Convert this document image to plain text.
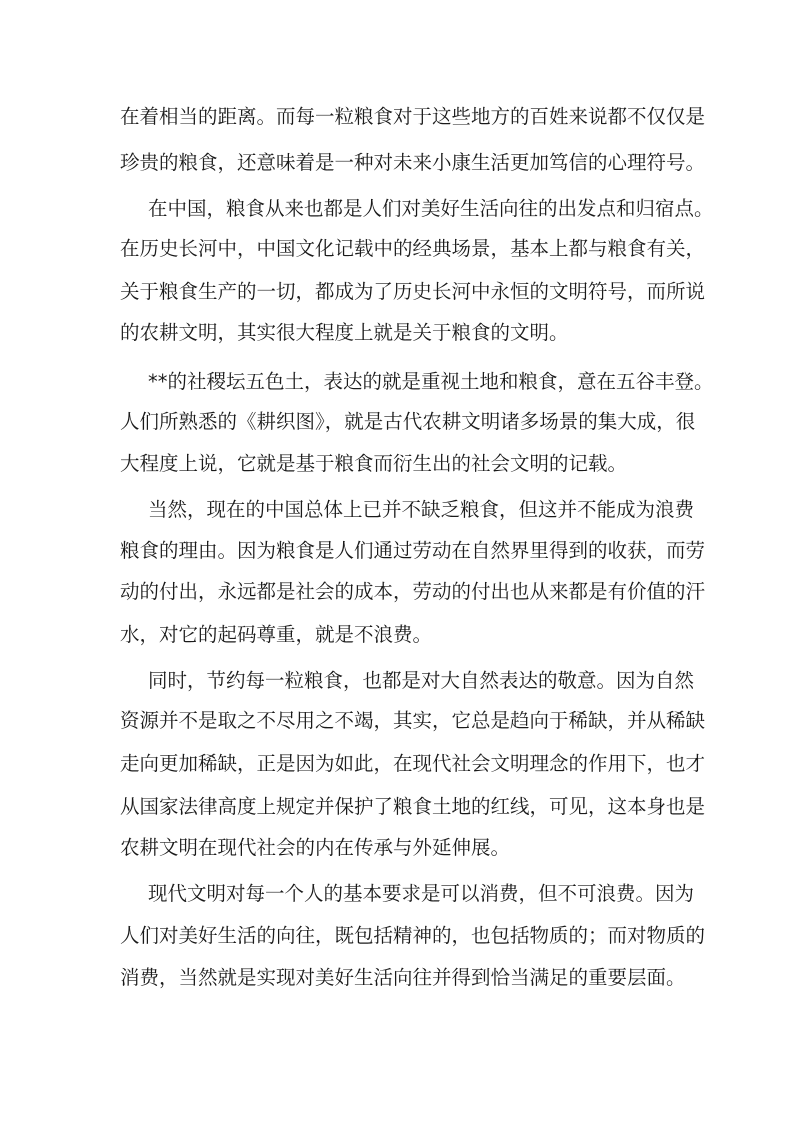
在着相当的距离。而每一粒粮食对于这些地方的百姓来说都不仅仅是
珍贵的粮食，还意味着是一种对未来小康生活更加笃信的心理符号。
在中国，粮食从来也都是人们对美好生活向往的出发点和归宿点。
在历史长河中，中国文化记载中的经典场景，基本上都与粮食有关，
关于粮食生产的一切，都成为了历史长河中永恒的文明符号，而所说
的农耕文明，其实很大程度上就是关于粮食的文明。
**的社稷坛五色土，表达的就是重视土地和粮食，意在五谷丰登。
人们所熟悉的《耕织图》，就是古代农耕文明诸多场景的集大成，很
大程度上说，它就是基于粮食而衍生出的社会文明的记载。
当然，现在的中国总体上已并不缺乏粮食，但这并不能成为浪费
粮食的理由。因为粮食是人们通过劳动在自然界里得到的收获，而劳
动的付出，永远都是社会的成本，劳动的付出也从来都是有价值的汗
水，对它的起码尊重，就是不浪费。
同时，节约每一粒粮食，也都是对大自然表达的敬意。因为自然
资源并不是取之不尽用之不竭，其实，它总是趋向于稀缺，并从稀缺
走向更加稀缺，正是因为如此，在现代社会文明理念的作用下，也才
从国家法律高度上规定并保护了粮食土地的红线，可见，这本身也是
农耕文明在现代社会的内在传承与外延伸展。
现代文明对每一个人的基本要求是可以消费，但不可浪费。因为
人们对美好生活的向往，既包括精神的，也包括物质的；而对物质的
消费，当然就是实现对美好生活向往并得到恰当满足的重要层面。
